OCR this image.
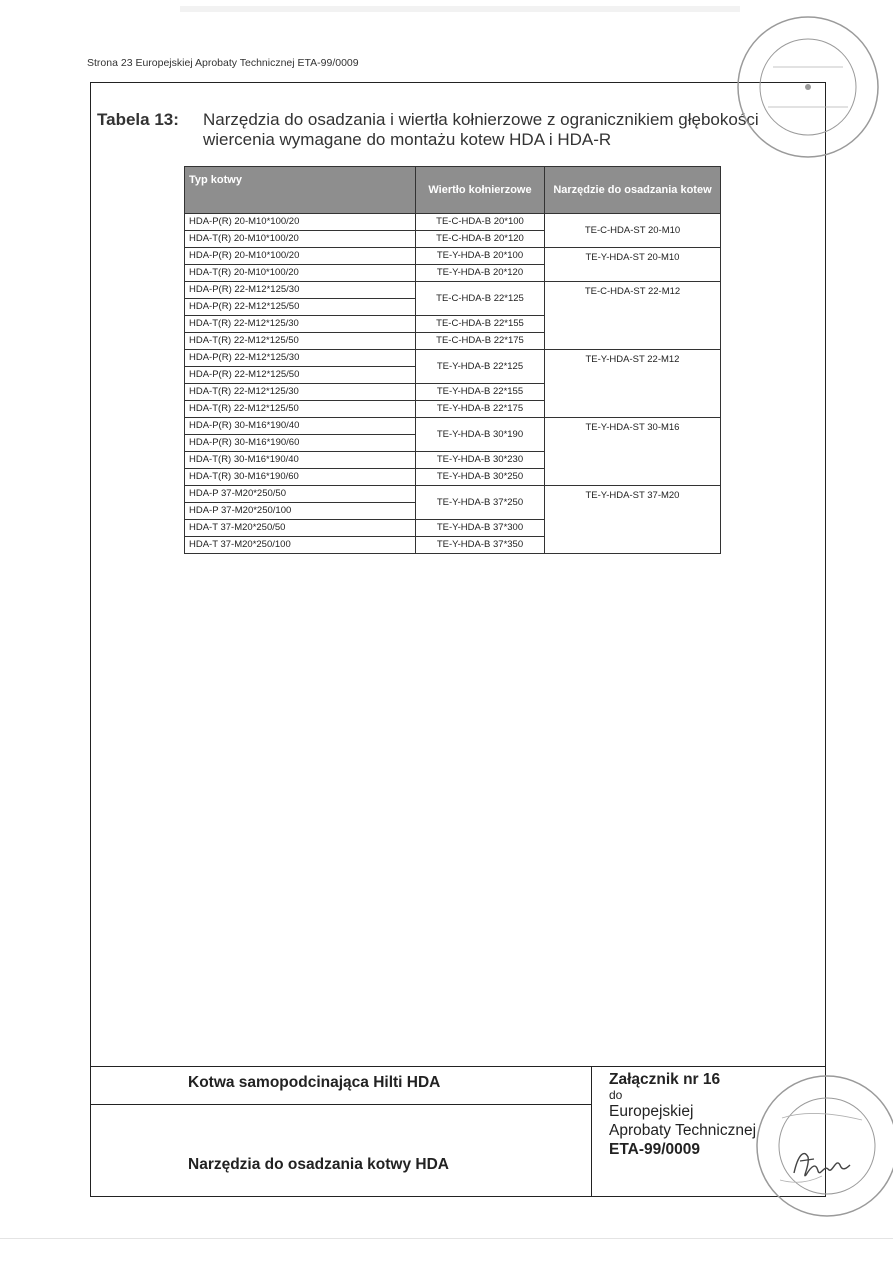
Strona 23 Europejskiej Aprobaty Technicznej ETA-99/0009
Tabela 13: Narzędzia do osadzania i wiertła kołnierzowe z ogranicznikiem głębokości wiercenia wymagane do montażu kotew HDA i HDA-R
Typ kotwy	Wiertło kołnierzowe	Narzędzie do osadzania kotew
HDA-P(R) 20-M10*100/20	TE-C-HDA-B 20*100	TE-C-HDA-ST 20-M10
HDA-T(R) 20-M10*100/20	TE-C-HDA-B 20*120	
HDA-P(R) 20-M10*100/20	TE-Y-HDA-B 20*100	TE-Y-HDA-ST 20-M10
HDA-T(R) 20-M10*100/20	TE-Y-HDA-B 20*120	
HDA-P(R) 22-M12*125/30	TE-C-HDA-B 22*125	TE-C-HDA-ST 22-M12
HDA-P(R) 22-M12*125/50		
HDA-T(R) 22-M12*125/30	TE-C-HDA-B 22*155	
HDA-T(R) 22-M12*125/50	TE-C-HDA-B 22*175	
HDA-P(R) 22-M12*125/30	TE-Y-HDA-B 22*125	TE-Y-HDA-ST 22-M12
HDA-P(R) 22-M12*125/50		
HDA-T(R) 22-M12*125/30	TE-Y-HDA-B 22*155	
HDA-T(R) 22-M12*125/50	TE-Y-HDA-B 22*175	
HDA-P(R) 30-M16*190/40	TE-Y-HDA-B 30*190	TE-Y-HDA-ST 30-M16
HDA-P(R) 30-M16*190/60		
HDA-T(R) 30-M16*190/40	TE-Y-HDA-B 30*230	
HDA-T(R) 30-M16*190/60	TE-Y-HDA-B 30*250	
HDA-P 37-M20*250/50	TE-Y-HDA-B 37*250	TE-Y-HDA-ST 37-M20
HDA-P 37-M20*250/100		
HDA-T 37-M20*250/50	TE-Y-HDA-B 37*300	
HDA-T 37-M20*250/100	TE-Y-HDA-B 37*350	
Kotwa samopodcinająca Hilti HDA
Narzędzia do osadzania kotwy HDA
Załącznik nr 16
do
Europejskiej
Aprobaty Technicznej
ETA-99/0009
